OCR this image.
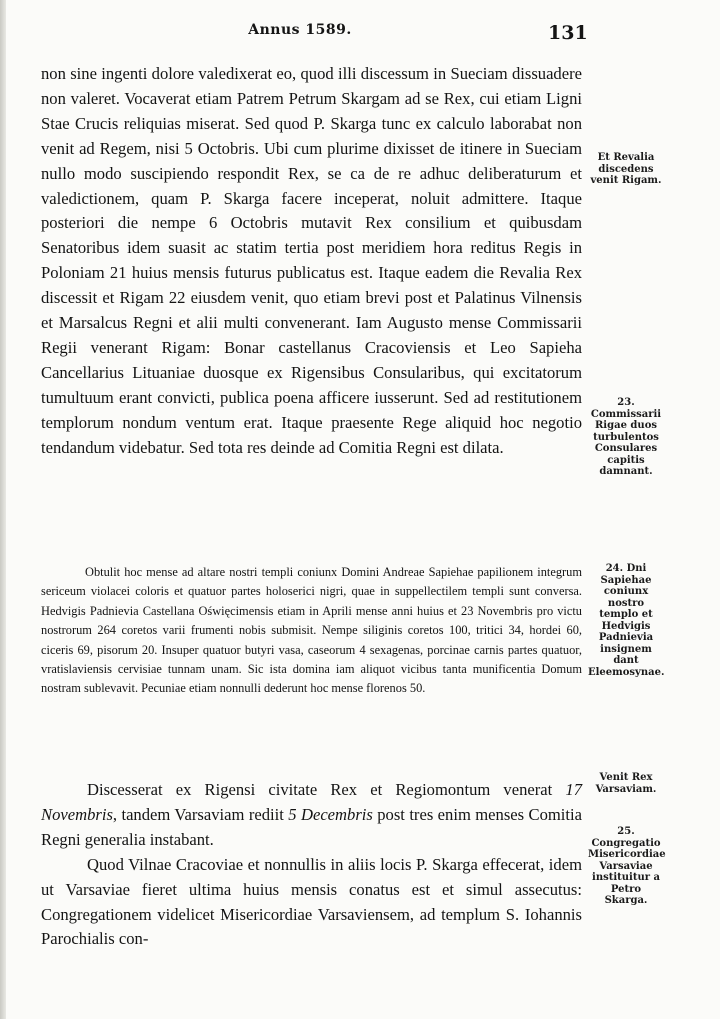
Annus 1589.	131

non sine ingenti dolore valedixerat eo, quod illi discessum in Sueciam dissuadere non valeret. Vocaverat etiam Patrem Petrum Skargam ad se Rex, cui etiam Ligni Stae Crucis reliquias miserat. Sed quod P. Skarga tunc ex calculo laborabat non venit ad Regem, nisi 5 Octobris. Ubi cum plurime dixisset de itinere in Sueciam nullo modo suscipiendo respondit Rex, se ca de re adhuc deliberaturum et valedictionem, quam P. Skarga facere inceperat, noluit admittere. Itaque posteriori die nempe 6 Octobris mutavit Rex consilium et quibusdam Senatoribus idem suasit ac statim tertia post meridiem hora reditus Regis in Poloniam 21 huius mensis futurus publicatus est. Itaque eadem die Revalia Rex discessit et Rigam 22 eiusdem venit, quo etiam brevi post et Palatinus Vilnensis et Marsalcus Regni et alii multi convenerant. Iam Augusto mense Commissarii Regii venerant Rigam: Bonar castellanus Cracoviensis et Leo Sapieha Cancellarius Lituaniae duosque ex Rigensibus Consularibus, qui excitatorum tumultuum erant convicti, publica poena afficere iusserunt. Sed ad restitutionem templorum nondum ventum erat. Itaque praesente Rege aliquid hoc negotio tendandum videbatur. Sed tota res deinde ad Comitia Regni est dilata.

Obtulit hoc mense ad altare nostri templi coniunx Domini Andreae Sapiehae papilionem integrum sericeum violacei coloris et quatuor partes holoserici nigri, quae in suppellectilem templi sunt conversa. Hedvigis Padnievia Castellana Oświęcimensis etiam in Aprili mense anni huius et 23 Novembris pro victu nostrorum 264 coretos varii frumenti nobis submisit. Nempe siliginis coretos 100, tritici 34, hordei 60, ciceris 69, pisorum 20. Insuper quatuor butyri vasa, caseorum 4 sexagenas, porcinae carnis partes quatuor, vratislaviensis cervisiae tunnam unam. Sic ista domina iam aliquot vicibus tanta munificentia Domum nostram sublevavit. Pecuniae etiam nonnulli dederunt hoc mense florenos 50.

Discesserat ex Rigensi civitate Rex et Regiomontum venerat 17 Novembris, tandem Varsaviam rediit 5 Decembris post tres enim menses Comitia Regni generalia instabant.

Quod Vilnae Cracoviae et nonnullis in aliis locis P. Skarga effecerat, idem ut Varsaviae fieret ultima huius mensis conatus est et simul assecutus: Congregationem videlicet Misericordiae Varsaviensem, ad templum S. Iohannis Parochialis con-

Et Revalia discedens venit Rigam.
23. Commissarii Rigae duos turbulentos Consulares capitis damnant.
24. Dni Sapiehae coniunx nostro templo et Hedvigis Padnievia insignem dant Eleemosynae.
Venit Rex Varsaviam.
25. Congregatio Misericordiae Varsaviae instituitur a Petro Skarga.
